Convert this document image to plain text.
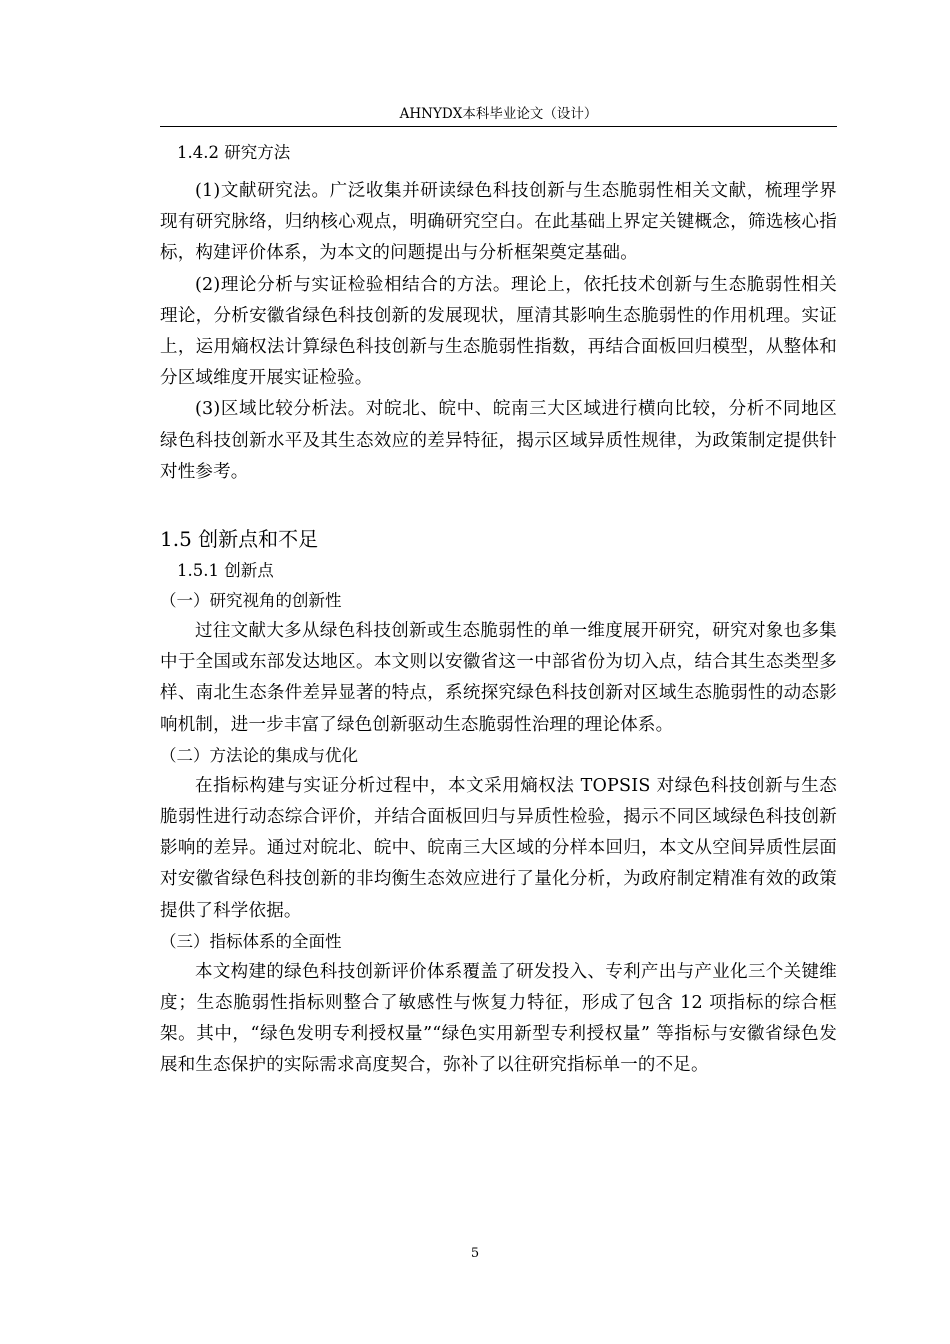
AHNYDX本科毕业论文（设计）
1.4.2 研究方法

(1)文献研究法。广泛收集并研读绿色科技创新与生态脆弱性相关文献，梳理学界现有研究脉络，归纳核心观点，明确研究空白。在此基础上界定关键概念，筛选核心指标，构建评价体系，为本文的问题提出与分析框架奠定基础。

(2)理论分析与实证检验相结合的方法。理论上，依托技术创新与生态脆弱性相关理论，分析安徽省绿色科技创新的发展现状，厘清其影响生态脆弱性的作用机理。实证上，运用熵权法计算绿色科技创新与生态脆弱性指数，再结合面板回归模型，从整体和分区域维度开展实证检验。

(3)区域比较分析法。对皖北、皖中、皖南三大区域进行横向比较，分析不同地区绿色科技创新水平及其生态效应的差异特征，揭示区域异质性规律，为政策制定提供针对性参考。

1.5 创新点和不足
1.5.1 创新点
（一）研究视角的创新性

过往文献大多从绿色科技创新或生态脆弱性的单一维度展开研究，研究对象也多集中于全国或东部发达地区。本文则以安徽省这一中部省份为切入点，结合其生态类型多样、南北生态条件差异显著的特点，系统探究绿色科技创新对区域生态脆弱性的动态影响机制，进一步丰富了绿色创新驱动生态脆弱性治理的理论体系。

（二）方法论的集成与优化

在指标构建与实证分析过程中，本文采用熵权法 TOPSIS 对绿色科技创新与生态脆弱性进行动态综合评价，并结合面板回归与异质性检验，揭示不同区域绿色科技创新影响的差异。通过对皖北、皖中、皖南三大区域的分样本回归，本文从空间异质性层面对安徽省绿色科技创新的非均衡生态效应进行了量化分析，为政府制定精准有效的政策提供了科学依据。

（三）指标体系的全面性

本文构建的绿色科技创新评价体系覆盖了研发投入、专利产出与产业化三个关键维度；生态脆弱性指标则整合了敏感性与恢复力特征，形成了包含 12 项指标的综合框架。其中，“绿色发明专利授权量”“绿色实用新型专利授权量” 等指标与安徽省绿色发展和生态保护的实际需求高度契合，弥补了以往研究指标单一的不足。

5
